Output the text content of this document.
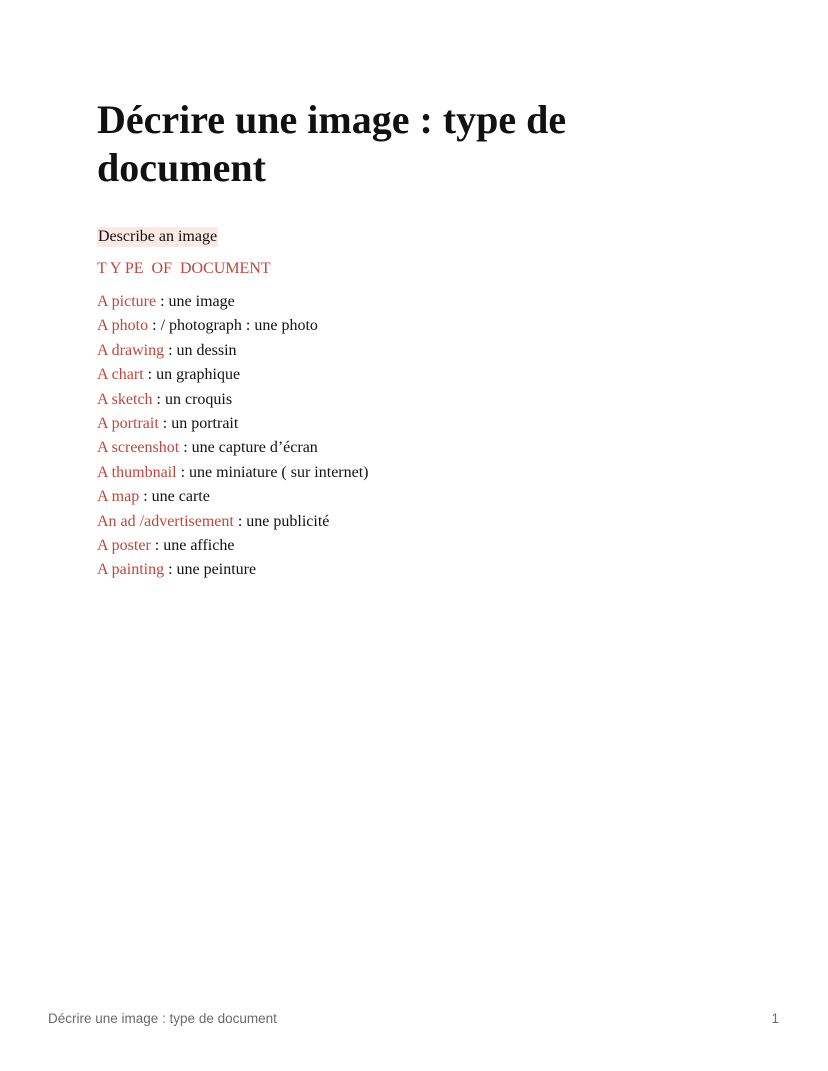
Décrire une image : type de document
Describe an image
T Y PE  OF  DOCUMENT
A picture : une image
A photo : / photograph : une photo
A drawing : un dessin
A chart : un graphique
A sketch : un croquis
A portrait : un portrait
A screenshot : une capture d’écran
A thumbnail : une miniature ( sur internet)
A map : une carte
An ad /advertisement : une publicité
A poster : une affiche
A painting : une peinture
Décrire une image : type de document	1
